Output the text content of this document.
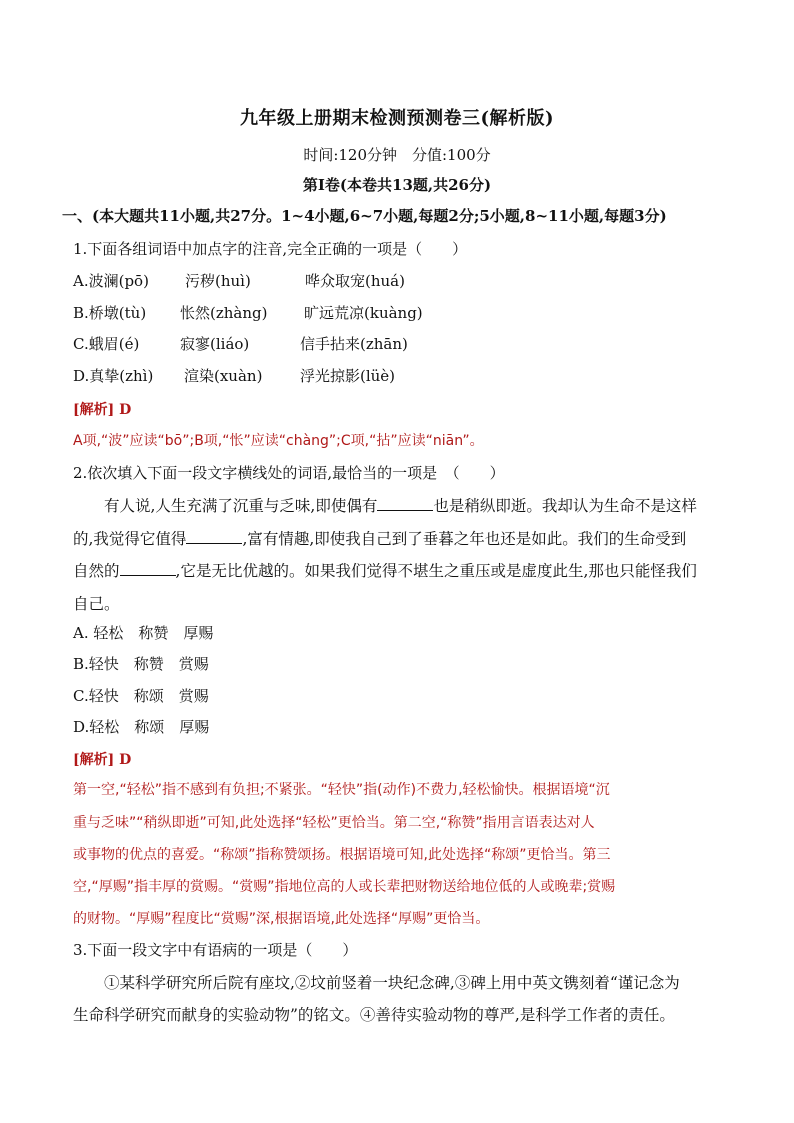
九年级上册期末检测预测卷三(解析版)
时间:120分钟　分值:100分
第Ⅰ卷(本卷共13题,共26分)
一、(本大题共11小题,共27分。1~4小题,6~7小题,每题2分;5小题,8~11小题,每题3分)
1.下面各组词语中加点字的注音,完全正确的一项是（　　）
A.波澜(pō) 污秽(huì)	哗众取宠(huá)
B.桥墩(tù) 怅然(zhàng) 旷远荒凉(kuàng)
C.蛾眉(é)	寂寥(liáo)	信手拈来(zhān)
D.真挚(zhì) 渲染(xuàn)	浮光掠影(lüè)
[解析] D
A项,“波”应读“bō”;B项,“怅”应读“chàng”;C项,“拈”应读“niān”。
2.依次填入下面一段文字横线处的词语,最恰当的一项是　（　　）
有人说,人生充满了沉重与乏味,即使偶有	也是稍纵即逝。我却认为生命不是这样
的,我觉得它值得	,富有情趣,即使我自己到了垂暮之年也还是如此。我们的生命受到
自然的	,它是无比优越的。如果我们觉得不堪生之重压或是虚度此生,那也只能怪我们
自己。
A. 轻松　称赞　厚赐
B.轻快　称赞　赏赐
C.轻快　称颂　赏赐
D.轻松　称颂　厚赐
[解析] D
第一空,“轻松”指不感到有负担;不紧张。“轻快”指(动作)不费力,轻松愉快。根据语境“沉
重与乏味”“稍纵即逝”可知,此处选择“轻松”更恰当。第二空,“称赞”指用言语表达对人
或事物的优点的喜爱。“称颂”指称赞颂扬。根据语境可知,此处选择“称颂”更恰当。第三
空,“厚赐”指丰厚的赏赐。“赏赐”指地位高的人或长辈把财物送给地位低的人或晚辈;赏赐
的财物。“厚赐”程度比“赏赐”深,根据语境,此处选择“厚赐”更恰当。
3.下面一段文字中有语病的一项是（　　）
①某科学研究所后院有座坟,②坟前竖着一块纪念碑,③碑上用中英文镌刻着“谨记念为
生命科学研究而献身的实验动物”的铭文。④善待实验动物的尊严,是科学工作者的责任。
